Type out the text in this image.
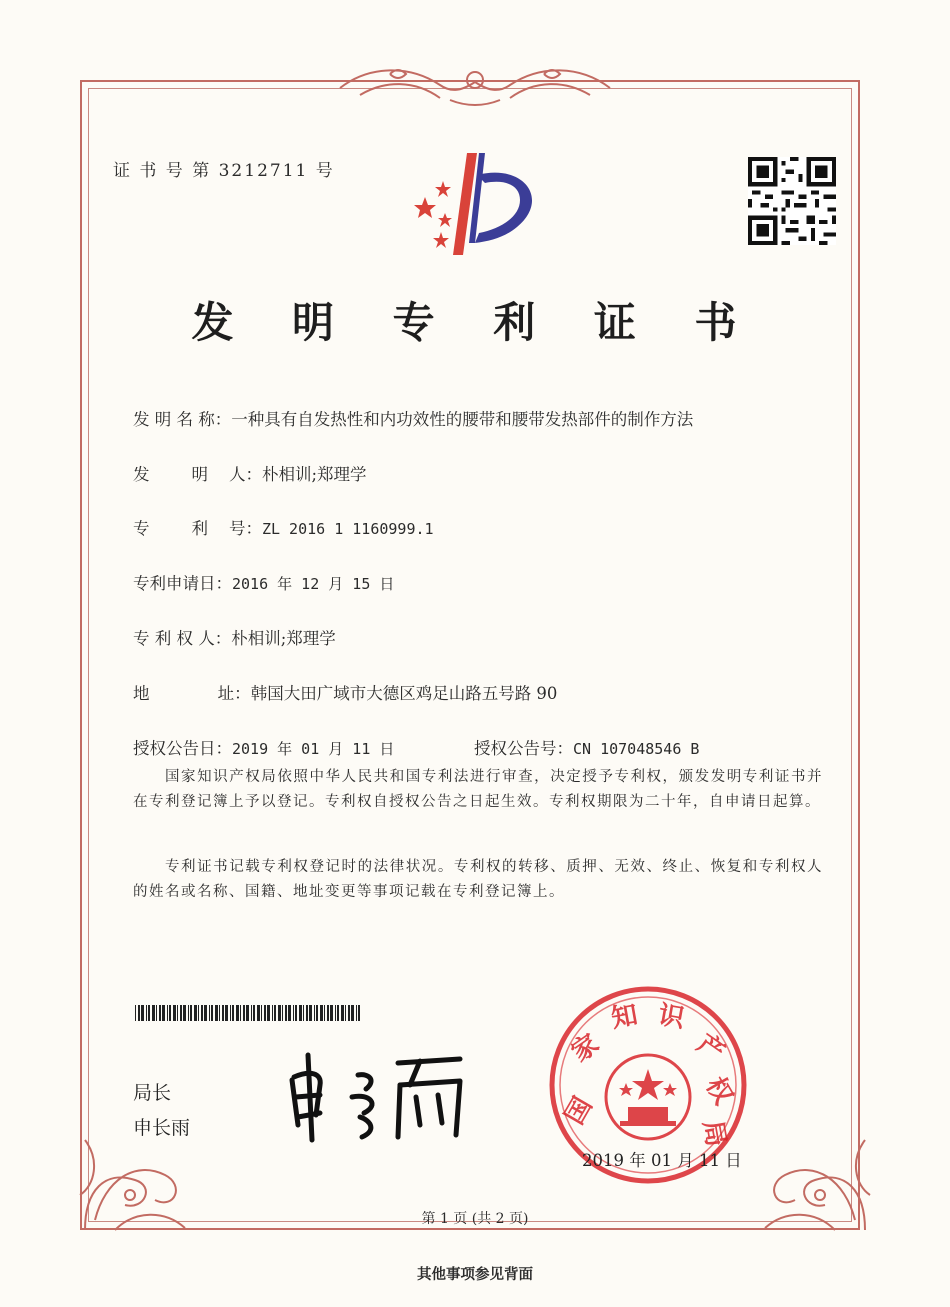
证 书 号 第 3212711 号
发 明 专 利 证 书
发 明 名 称：一种具有自发热性和内功效性的腰带和腰带发热部件的制作方法
发        明    人：朴相训;郑理学
专        利    号：ZL 2016 1 1160999.1
专利申请日：2016 年 12 月 15 日
专 利 权 人：朴相训;郑理学
地             址：韩国大田广域市大德区鸡足山路五号路 90
授权公告日：2019 年 01 月 11 日	授权公告号：CN 107048546 B

国家知识产权局依照中华人民共和国专利法进行审查，决定授予专利权，颁发发明专利证书并在专利登记簿上予以登记。专利权自授权公告之日起生效。专利权期限为二十年，自申请日起算。

专利证书记载专利权登记时的法律状况。专利权的转移、质押、无效、终止、恢复和专利权人的姓名或名称、国籍、地址变更等事项记载在专利登记簿上。

局长
申长雨	国
家
知 识
产
权
局
2019 年 01 月 11 日
第 1 页 (共 2 页)
其他事项参见背面
